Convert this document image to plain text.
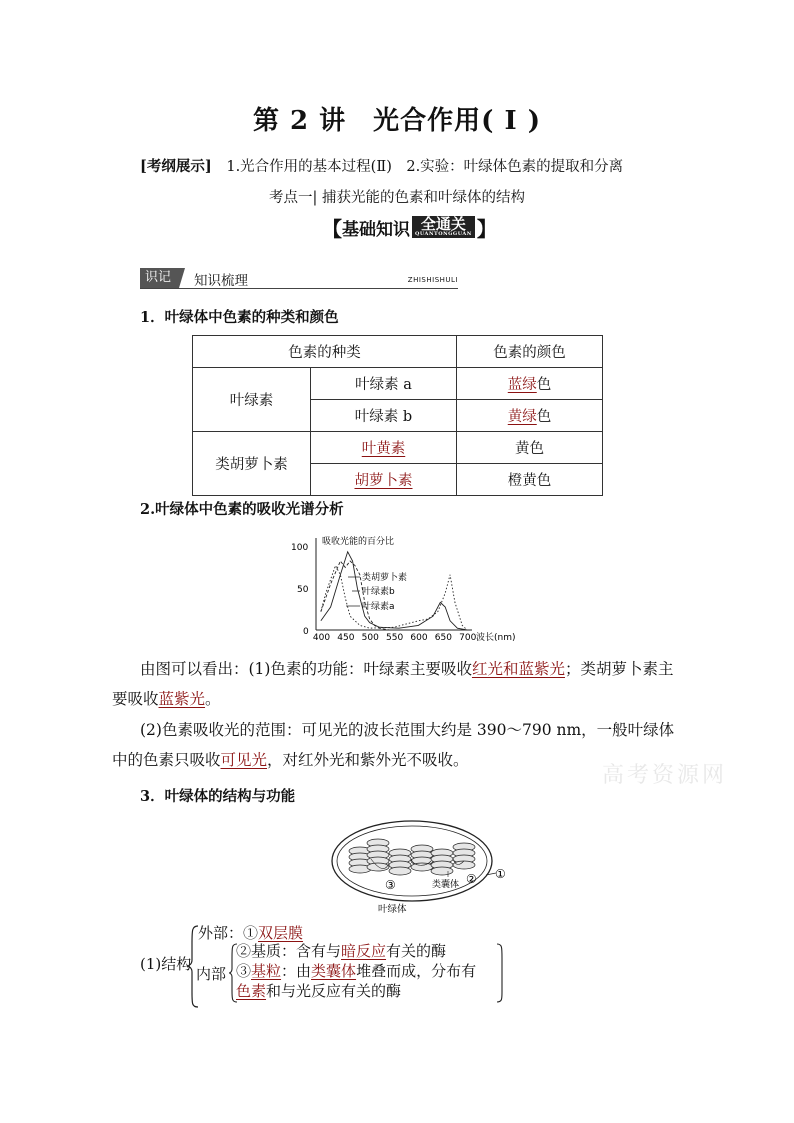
第 2 讲　光合作用( Ⅰ )
[考纲展示] 1.光合作用的基本过程(Ⅱ)　2.实验：叶绿体色素的提取和分离
考点一| 捕获光能的色素和叶绿体的结构
【 基础知识 全通关
QUANTONGGUAN 】
识记	知识梳理	ZHISHISHULI
1．叶绿体中色素的种类和颜色
色素的种类		色素的颜色
叶绿素	叶绿素 a	蓝绿色
	叶绿素 b	黄绿色
类胡萝卜素	叶黄素	黄色
	胡萝卜素	橙黄色
2.叶绿体中色素的吸收光谱分析
吸收光能的百分比
100
50
0
400 450 500 550 600 650 700 波长(nm)
类胡萝卜素
叶绿素b
叶绿素a
由图可以看出：(1)色素的功能：叶绿素主要吸收红光和蓝紫光；类胡萝卜素主要吸收蓝紫光。
(2)色素吸收光的范围：可见光的波长范围大约是 390～790 nm，一般叶绿体中的色素只吸收可见光，对红外光和紫外光不吸收。
高考资源网
3．叶绿体的结构与功能
①
②
③	类囊体
叶绿体
(1)结构
外部：①双层膜
内部
②基质：含有与暗反应有关的酶
③基粒：由类囊体堆叠而成，分布有
色素和与光反应有关的酶
